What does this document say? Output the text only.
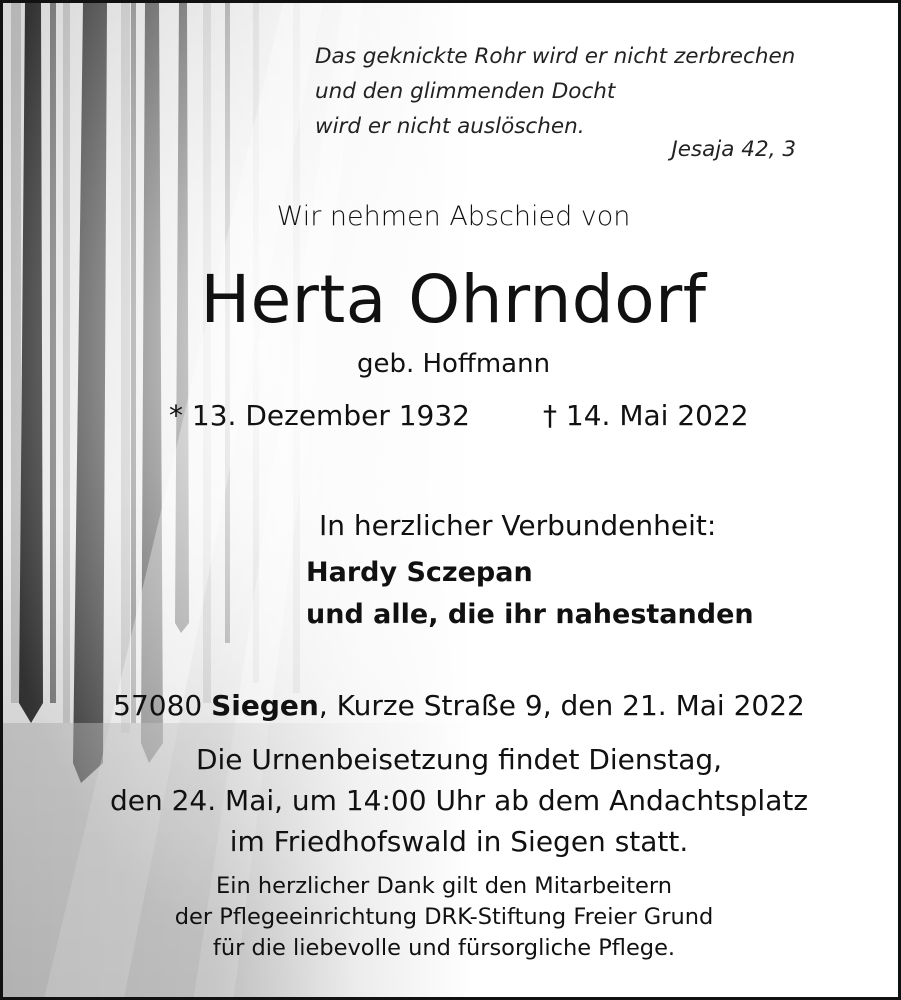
Das geknickte Rohr wird er nicht zerbrechen
und den glimmenden Docht
wird er nicht auslöschen.
Jesaja 42, 3
Wir nehmen Abschied von
Herta Ohrndorf
geb. Hoffmann
* 13. Dezember 1932	† 14. Mai 2022
In herzlicher Verbundenheit:
Hardy Sczepan
und alle, die ihr nahestanden
57080 Siegen, Kurze Straße 9, den 21. Mai 2022
Die Urnenbeisetzung findet Dienstag,
den 24. Mai, um 14:00 Uhr ab dem Andachtsplatz
im Friedhofswald in Siegen statt.
Ein herzlicher Dank gilt den Mitarbeitern
der Pflegeeinrichtung DRK-Stiftung Freier Grund
für die liebevolle und fürsorgliche Pflege.
